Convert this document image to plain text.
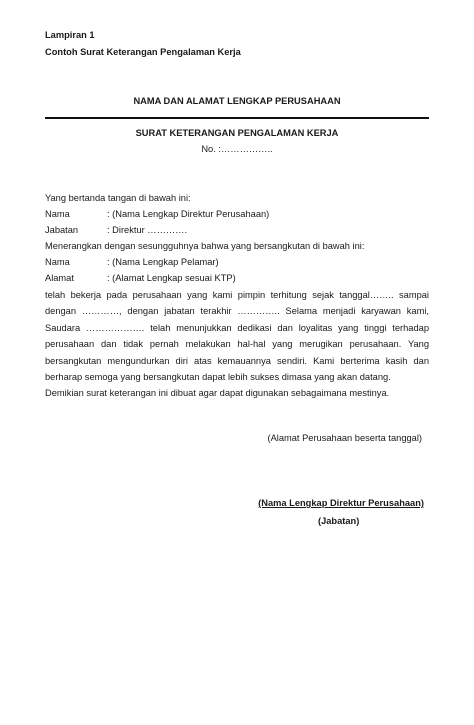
Lampiran 1
Contoh Surat Keterangan Pengalaman Kerja
NAMA DAN ALAMAT LENGKAP PERUSAHAAN
SURAT KETERANGAN PENGALAMAN KERJA
No. :……………..
Yang bertanda tangan di bawah ini:
Nama	: (Nama Lengkap Direktur Perusahaan)
Jabatan	: Direktur ………….
Menerangkan dengan sesungguhnya bahwa yang bersangkutan di bawah ini:
Nama	: (Nama Lengkap Pelamar)
Alamat	: (Alamat Lengkap sesuai KTP)
telah bekerja pada perusahaan yang kami pimpin terhitung sejak tanggal…….. sampai
dengan …………, dengan jabatan terakhir ………….. Selama menjadi karyawan kami,
Saudara ………………. telah menunjukkan dedikasi dan loyalitas yang tinggi terhadap
perusahaan dan tidak pernah melakukan hal-hal yang merugikan perusahaan. Yang
bersangkutan mengundurkan diri atas kemauannya sendiri. Kami berterima kasih dan
berharap semoga yang bersangkutan dapat lebih sukses dimasa yang akan datang.
Demikian surat keterangan ini dibuat agar dapat digunakan sebagaimana mestinya.
(Alamat Perusahaan beserta tanggal)
(Nama Lengkap Direktur Perusahaan)
(Jabatan)
